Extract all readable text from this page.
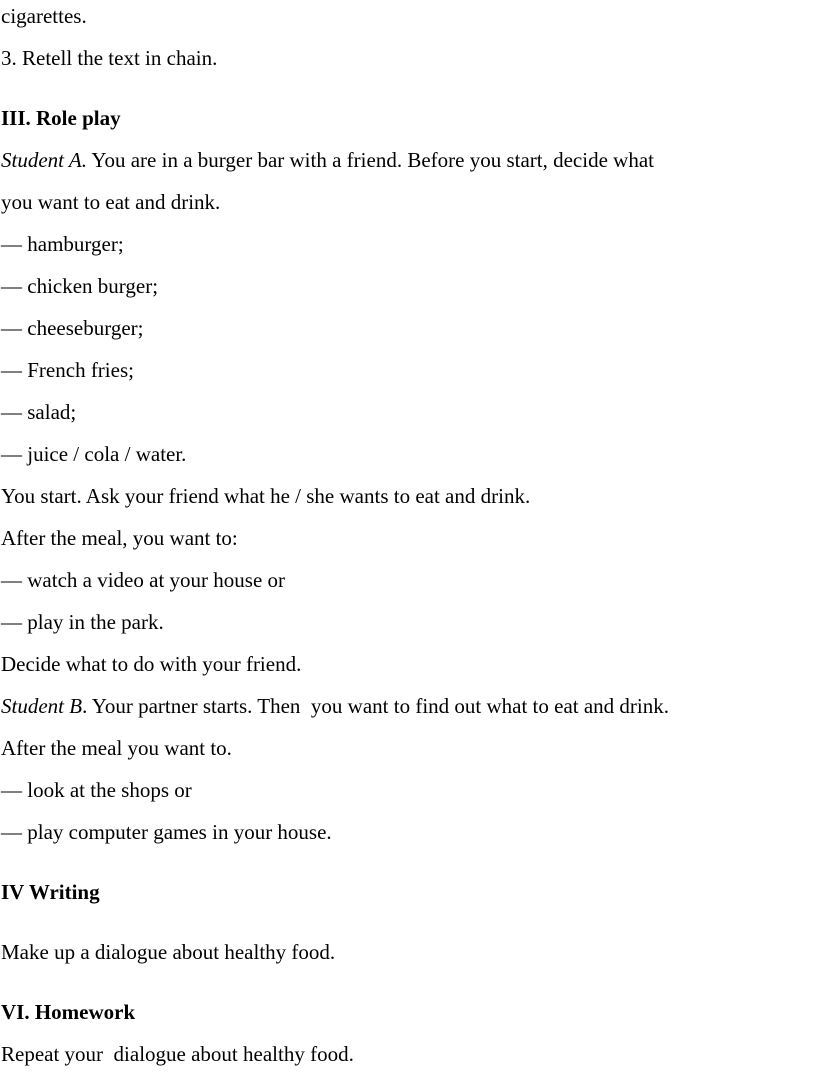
cigarettes.

3. Retell the text in chain.

III. Role play

Student A. You are in a burger bar with a friend. Before you start, decide what

you want to eat and drink.

— hamburger;

— chicken burger;

— cheeseburger;

— French fries;

— salad;

— juice / cola / water.

You start. Ask your friend what he / she wants to eat and drink.

After the meal, you want to:

— watch a video at your house or

— play in the park.

Decide what to do with your friend.

Student B. Your partner starts. Then  you want to find out what to eat and drink.

After the meal you want to.

— look at the shops or

— play computer games in your house.

IV Writing

Make up a dialogue about healthy food.

VI. Homework

Repeat your  dialogue about healthy food.
